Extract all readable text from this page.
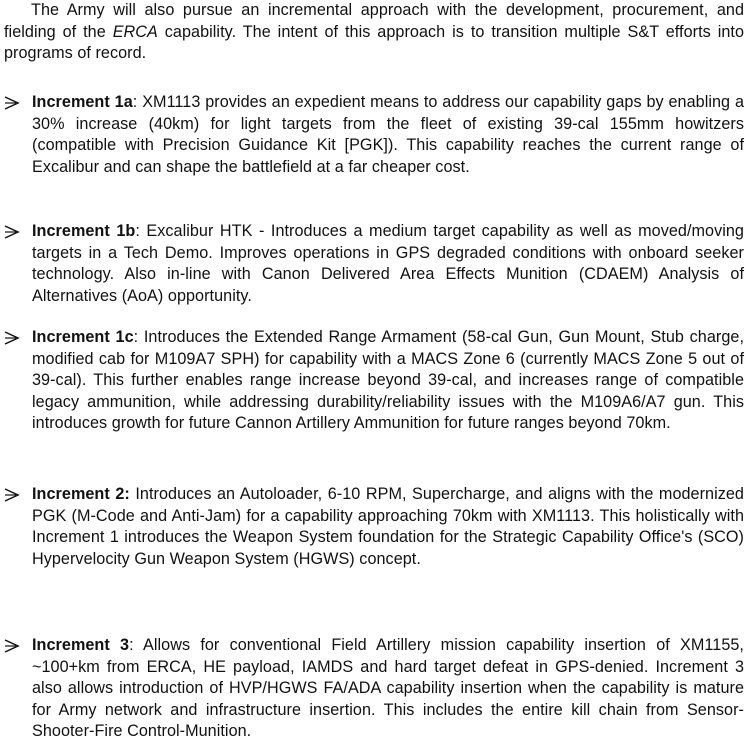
The Army will also pursue an incremental approach with the development, procurement, and fielding of the ERCA capability. The intent of this approach is to transition multiple S&T efforts into programs of record.

Increment 1a: XM1113 provides an expedient means to address our capability gaps by enabling a 30% increase (40km) for light targets from the fleet of existing 39-cal 155mm howitzers (compatible with Precision Guidance Kit [PGK]). This capability reaches the current range of Excalibur and can shape the battlefield at a far cheaper cost.

Increment 1b: Excalibur HTK - Introduces a medium target capability as well as moved/moving targets in a Tech Demo. Improves operations in GPS degraded conditions with onboard seeker technology. Also in-line with Canon Delivered Area Effects Munition (CDAEM) Analysis of Alternatives (AoA) opportunity.

Increment 1c: Introduces the Extended Range Armament (58-cal Gun, Gun Mount, Stub charge, modified cab for M109A7 SPH) for capability with a MACS Zone 6 (currently MACS Zone 5 out of 39-cal). This further enables range increase beyond 39-cal, and increases range of compatible legacy ammunition, while addressing durability/reliability issues with the M109A6/A7 gun. This introduces growth for future Cannon Artillery Ammunition for future ranges beyond 70km.

Increment 2: Introduces an Autoloader, 6-10 RPM, Supercharge, and aligns with the modernized PGK (M-Code and Anti-Jam) for a capability approaching 70km with XM1113. This holistically with Increment 1 introduces the Weapon System foundation for the Strategic Capability Office's (SCO) Hypervelocity Gun Weapon System (HGWS) concept.

Increment 3: Allows for conventional Field Artillery mission capability insertion of XM1155, ~100+km from ERCA, HE payload, IAMDS and hard target defeat in GPS-denied. Increment 3 also allows introduction of HVP/HGWS FA/ADA capability insertion when the capability is mature for Army network and infrastructure insertion. This includes the entire kill chain from Sensor-Shooter-Fire Control-Munition.
